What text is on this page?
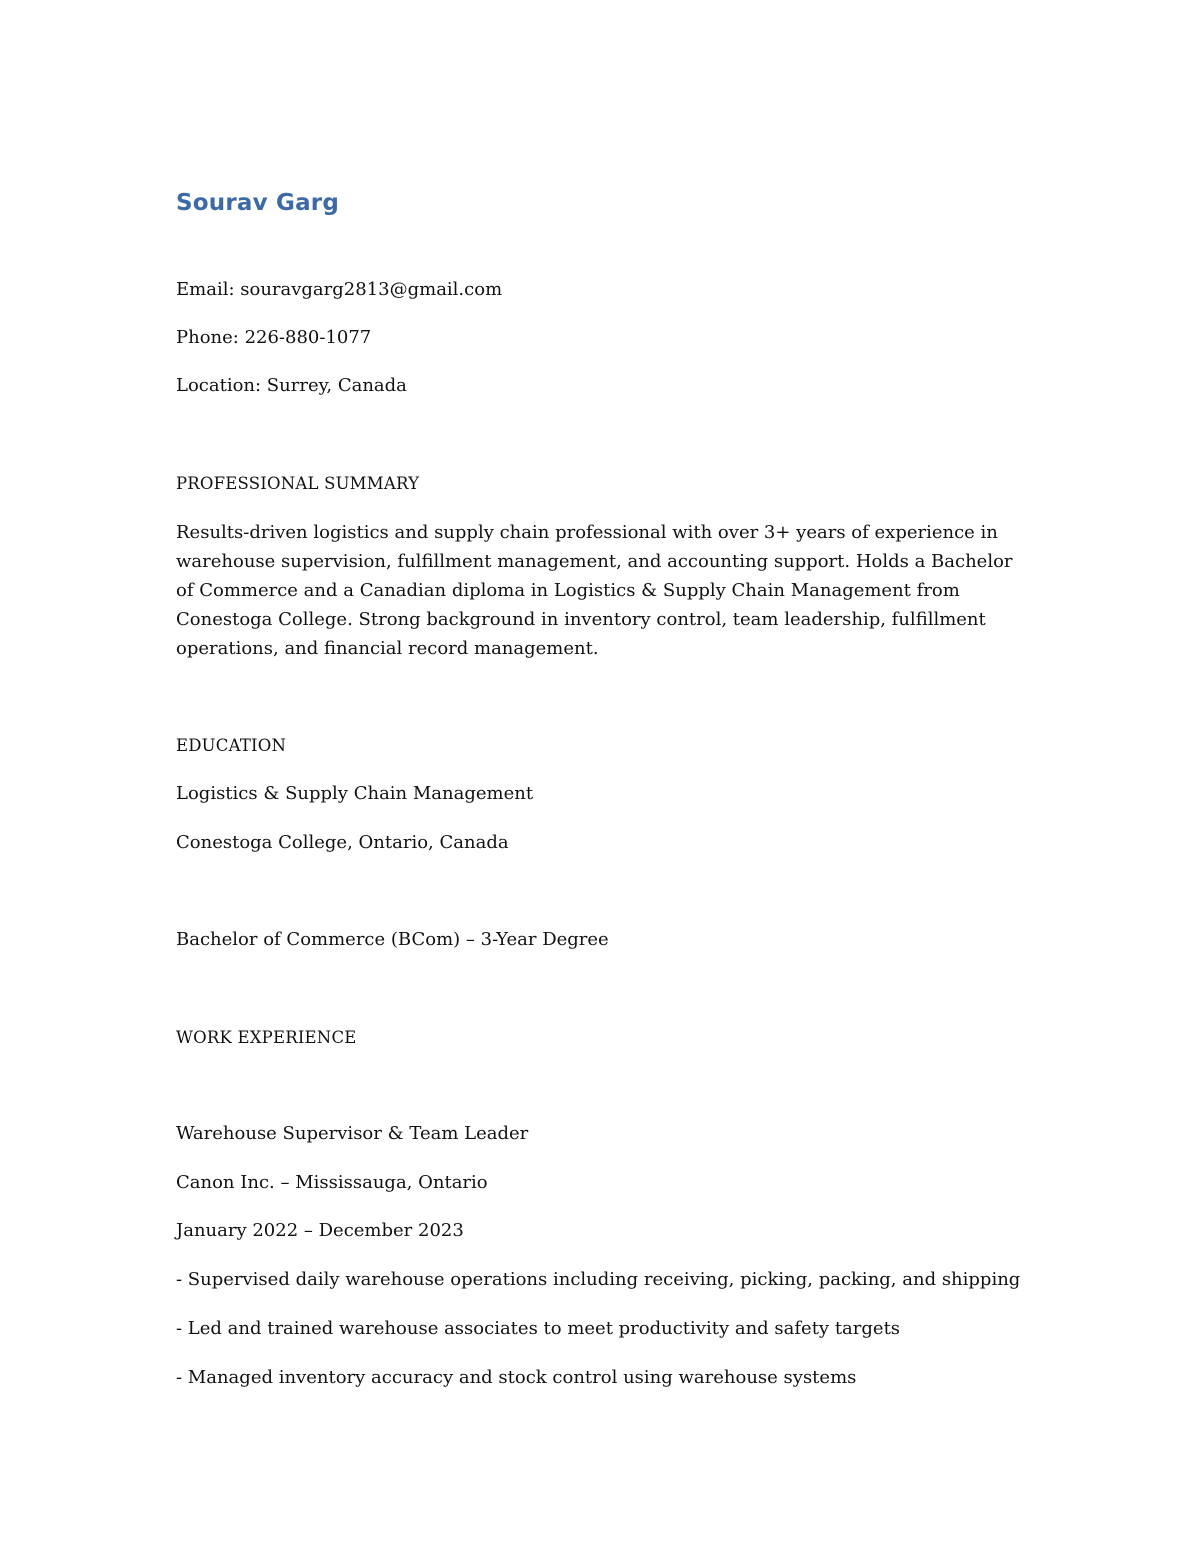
Sourav Garg
Email: souravgarg2813@gmail.com
Phone: 226-880-1077
Location: Surrey, Canada
PROFESSIONAL SUMMARY
Results-driven logistics and supply chain professional with over 3+ years of experience in
warehouse supervision, fulfillment management, and accounting support. Holds a Bachelor
of Commerce and a Canadian diploma in Logistics & Supply Chain Management from
Conestoga College. Strong background in inventory control, team leadership, fulfillment
operations, and financial record management.
EDUCATION
Logistics & Supply Chain Management
Conestoga College, Ontario, Canada
Bachelor of Commerce (BCom) – 3-Year Degree
WORK EXPERIENCE
Warehouse Supervisor & Team Leader
Canon Inc. – Mississauga, Ontario
January 2022 – December 2023
- Supervised daily warehouse operations including receiving, picking, packing, and shipping
- Led and trained warehouse associates to meet productivity and safety targets
- Managed inventory accuracy and stock control using warehouse systems
